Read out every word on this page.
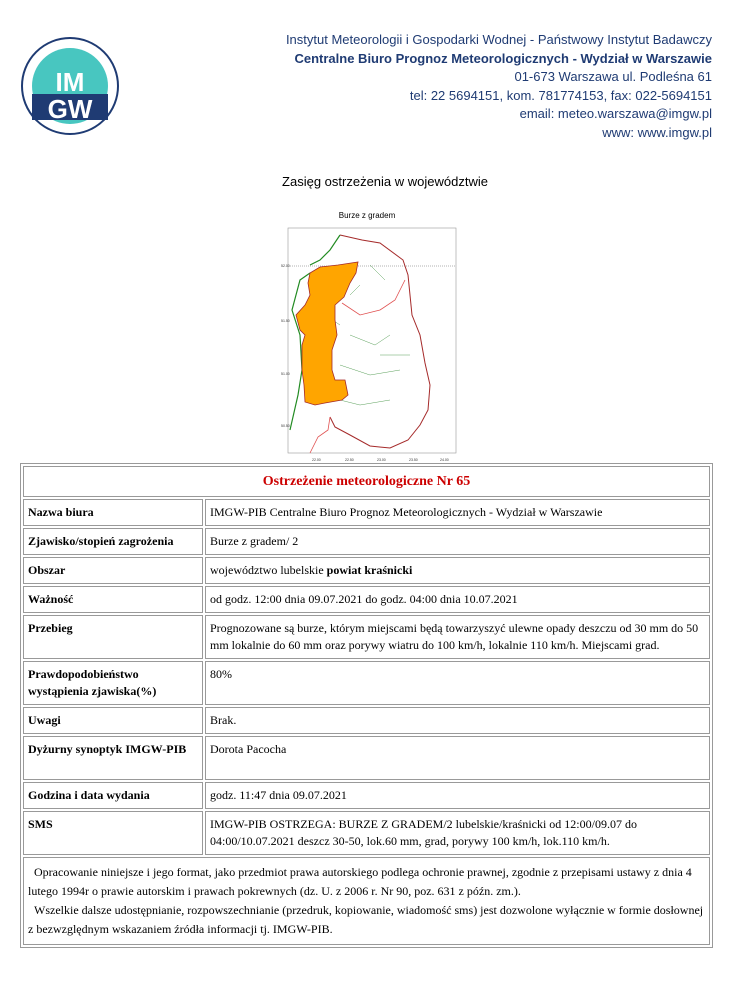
IM
GW
Instytut Meteorologii i Gospodarki Wodnej - Państwowy Instytut Badawczy
Centralne Biuro Prognoz Meteorologicznych - Wydział w Warszawie
01-673 Warszawa ul. Podleśna 61
tel: 22 5694151, kom. 781774153, fax: 022-5694151
email: meteo.warszawa@imgw.pl
www: www.imgw.pl
Zasięg ostrzeżenia w województwie
Burze z gradem
52.00
51.50
51.00
50.50
22.00	22.50	23.00	23.50	24.00
Ostrzeżenie meteorologiczne Nr 65	
Nazwa biura	IMGW-PIB Centralne Biuro Prognoz Meteorologicznych - Wydział w Warszawie
Zjawisko/stopień zagrożenia	Burze z gradem/ 2
Obszar	województwo lubelskie powiat kraśnicki
Ważność	od godz. 12:00 dnia 09.07.2021 do godz. 04:00 dnia 10.07.2021
Przebieg	Prognozowane są burze, którym miejscami będą towarzyszyć ulewne opady deszczu od 30 mm do 50 mm lokalnie do 60 mm oraz porywy wiatru do 100 km/h, lokalnie 110 km/h. Miejscami grad.
Prawdopodobieństwo wystąpienia zjawiska(%)	80%
Uwagi	Brak.
Dyżurny synoptyk IMGW-PIB	Dorota Pacocha
Godzina i data wydania	godz. 11:47 dnia 09.07.2021
SMS	IMGW-PIB OSTRZEGA: BURZE Z GRADEM/2 lubelskie/kraśnicki od 12:00/09.07 do 04:00/10.07.2021 deszcz 30-50, lok.60 mm, grad, porywy 100 km/h, lok.110 km/h.
Opracowanie niniejsze i jego format, jako przedmiot prawa autorskiego podlega ochronie prawnej, zgodnie z przepisami ustawy z dnia 4 lutego 1994r o prawie autorskim i prawach pokrewnych (dz. U. z 2006 r. Nr 90, poz. 631 z późn. zm.).
Wszelkie dalsze udostępnianie, rozpowszechnianie (przedruk, kopiowanie, wiadomość sms) jest dozwolone wyłącznie w formie dosłownej z bezwzględnym wskazaniem źródła informacji tj. IMGW-PIB.	
